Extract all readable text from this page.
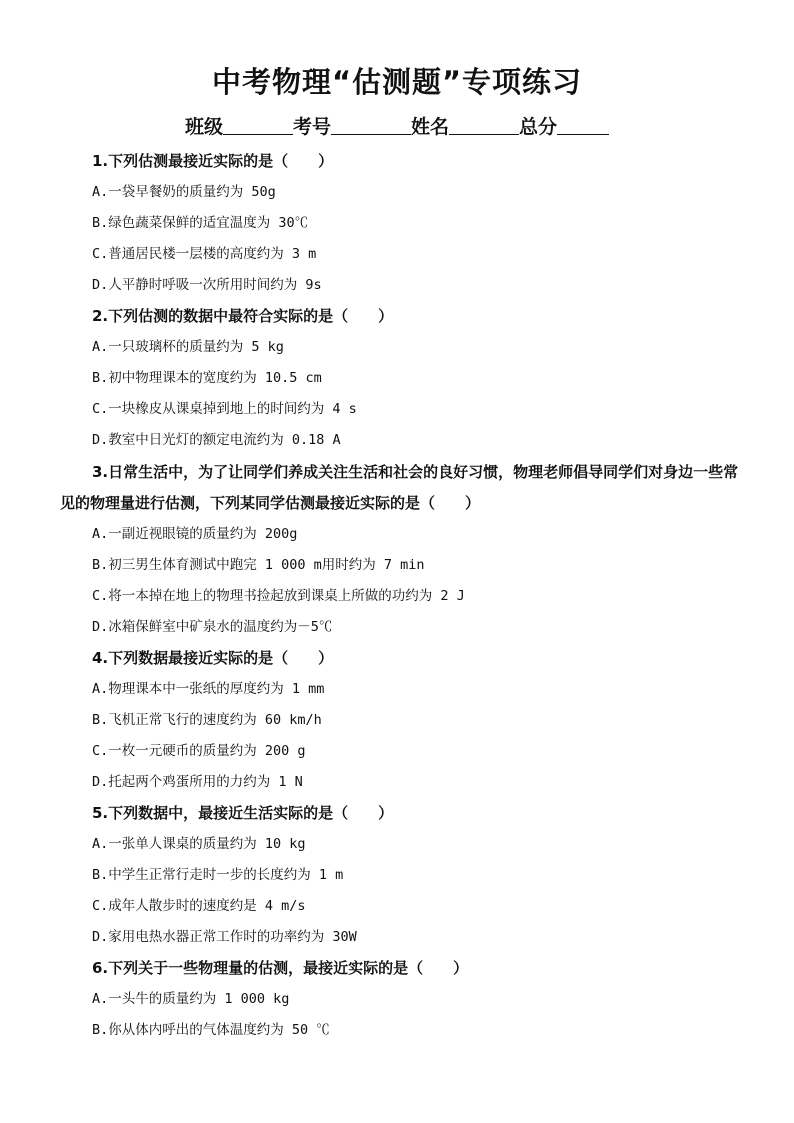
中考物理“估测题”专项练习
班级	考号	姓名	总分

1.下列估测最接近实际的是（　　）

A.一袋早餐奶的质量约为 50g

B.绿色蔬菜保鲜的适宜温度为 30℃

C.普通居民楼一层楼的高度约为 3 m

D.人平静时呼吸一次所用时间约为 9s

2.下列估测的数据中最符合实际的是（　　）

A.一只玻璃杯的质量约为 5 kg

B.初中物理课本的宽度约为 10.5 cm

C.一块橡皮从课桌掉到地上的时间约为 4 s

D.教室中日光灯的额定电流约为 0.18 A

3.日常生活中，为了让同学们养成关注生活和社会的良好习惯，物理老师倡导同学们对身边一些常见的物理量进行估测，下列某同学估测最接近实际的是（　　）

A.一副近视眼镜的质量约为 200g

B.初三男生体育测试中跑完 1 000 m用时约为 7 min

C.将一本掉在地上的物理书捡起放到课桌上所做的功约为 2 J

D.冰箱保鲜室中矿泉水的温度约为－5℃

4.下列数据最接近实际的是（　　）

A.物理课本中一张纸的厚度约为 1 mm

B.飞机正常飞行的速度约为 60 km/h

C.一枚一元硬币的质量约为 200 g

D.托起两个鸡蛋所用的力约为 1 N

5.下列数据中，最接近生活实际的是（　　）

A.一张单人课桌的质量约为 10 kg

B.中学生正常行走时一步的长度约为 1 m

C.成年人散步时的速度约是 4 m/s

D.家用电热水器正常工作时的功率约为 30W

6.下列关于一些物理量的估测，最接近实际的是（　　）

A.一头牛的质量约为 1 000 kg

B.你从体内呼出的气体温度约为 50 ℃
